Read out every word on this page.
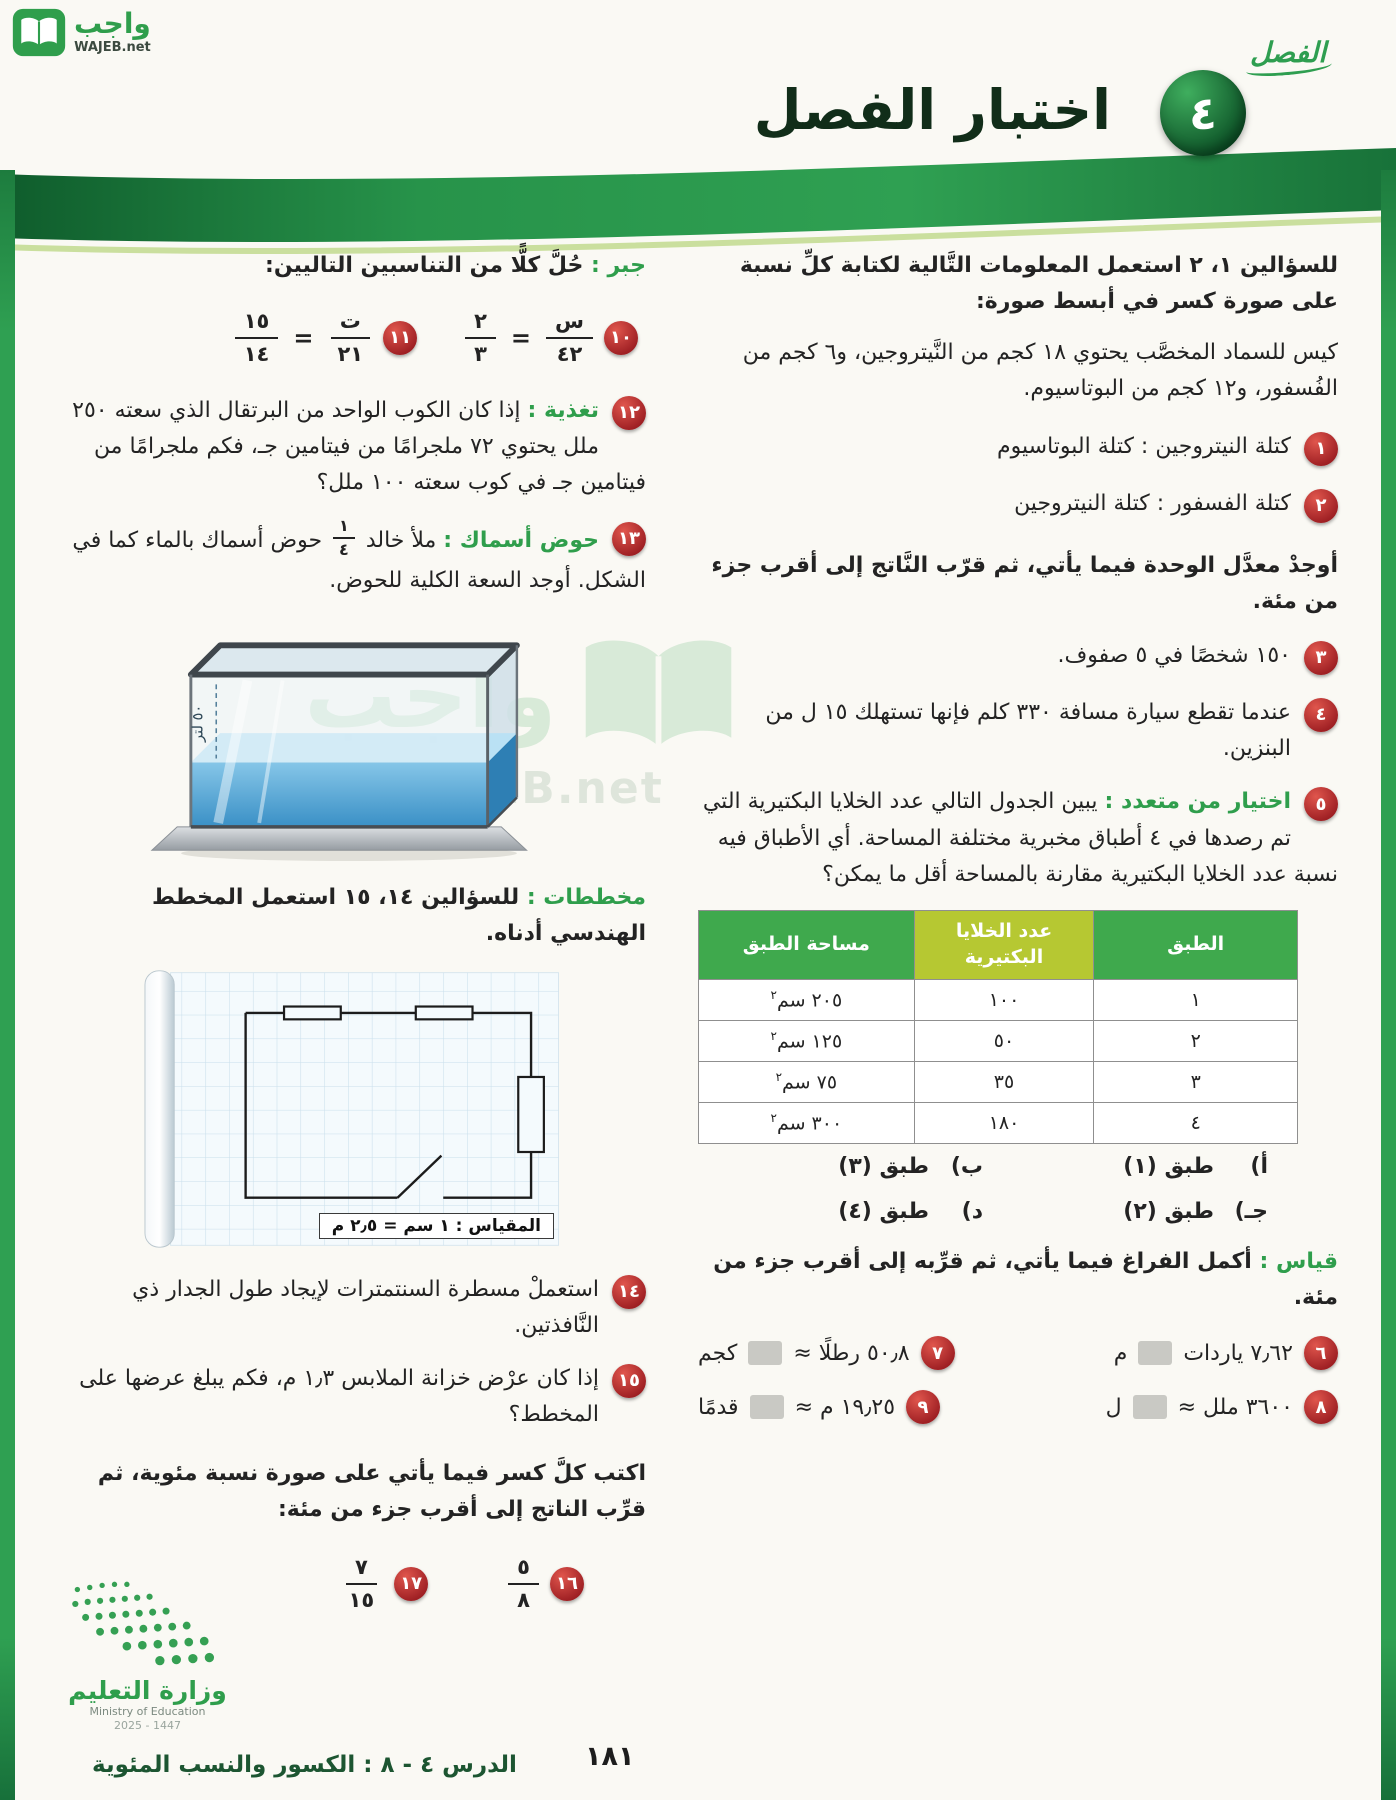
واجب
WAJEB.net
اختبار الفصل
الفصل
٤
WAJEB.net

للسؤالين ١، ٢ استعمل المعلومات التَّالية لكتابة كلِّ نسبة على صورة كسر في أبسط صورة:

كيس للسماد المخصَّب يحتوي ١٨ كجم من النَّيتروجين، و٦ كجم من الفُسفور، و١٢ كجم من البوتاسيوم.

١
كتلة النيتروجين : كتلة البوتاسيوم
٢
كتلة الفسفور : كتلة النيتروجين

أوجدْ معدَّل الوحدة فيما يأتي، ثم قرّب النَّاتج إلى أقرب جزء من مئة.

٣
١٥٠ شخصًا في ٥ صفوف.
٤
عندما تقطع سيارة مسافة ٣٣٠ كلم فإنها تستهلك ١٥ ل من البنزين.
٥
اختيار من متعدد : يبين الجدول التالي عدد الخلايا البكتيرية التي تم رصدها في ٤ أطباق مخبرية مختلفة المساحة. أي الأطباق فيه نسبة عدد الخلايا البكتيرية مقارنة بالمساحة أقل ما يمكن؟
الطبق	عدد الخلايا البكتيرية	مساحة الطبق
١	١٠٠	٢٠٥ سم$^٢$
٢	٥٠	١٢٥ سم$^٢$
٣	٣٥	٧٥ سم$^٢$
٤	١٨٠	٣٠٠ سم$^٢$
أ)
طبق (١)
ب)
طبق (٣)
جـ)
طبق (٢)
د)
طبق (٤)

قياس : أكمل الفراغ فيما يأتي، ثم قرِّبه إلى أقرب جزء من مئة.

٦
٧٫٦٢ ياردات
م
٧
٥٠٫٨ رطلًا ≈
كجم
٨
٣٦٠٠ ملل ≈
ل
٩
١٩٫٢٥ م ≈
قدمًا

جبر : حُلَّ كلًّا من التناسبين التاليين:

١٠
$\frac{\text{س}}{٤٢}$
=
$\frac{٢}{٣}$
١١
$\frac{\text{ت}}{٢١}$
=
$\frac{١٥}{١٤}$
١٢
تغذية : إذا كان الكوب الواحد من البرتقال الذي سعته ٢٥٠ ملل يحتوي ٧٢ ملجرامًا من فيتامين جـ، فكم ملجرامًا من فيتامين جـ في كوب سعته ١٠٠ ملل؟
١٣
حوض أسماك : ملأ خالد
$\frac{١}{٤}$
حوض أسماك بالماء كما في الشكل. أوجد السعة الكلية للحوض.
٥٠ لتر

مخططات : للسؤالين ١٤، ١٥ استعمل المخطط الهندسي أدناه.

المقياس : ١ سم = ٢٫٥ م
١٤
استعملْ مسطرة السنتمترات لإيجاد طول الجدار ذي النَّافذتين.
١٥
إذا كان عرْض خزانة الملابس ١٫٣ م، فكم يبلغ عرضها على المخطط؟

اكتب كلَّ كسر فيما يأتي على صورة نسبة مئوية، ثم قرِّب الناتج إلى أقرب جزء من مئة:

١٦
$\frac{٥}{٨}$
١٧
$\frac{٧}{١٥}$
وزارة التعليم
Ministry of Education
2025 - 1447
الدرس ٤ - ٨ : الكسور والنسب المئوية	١٨١
